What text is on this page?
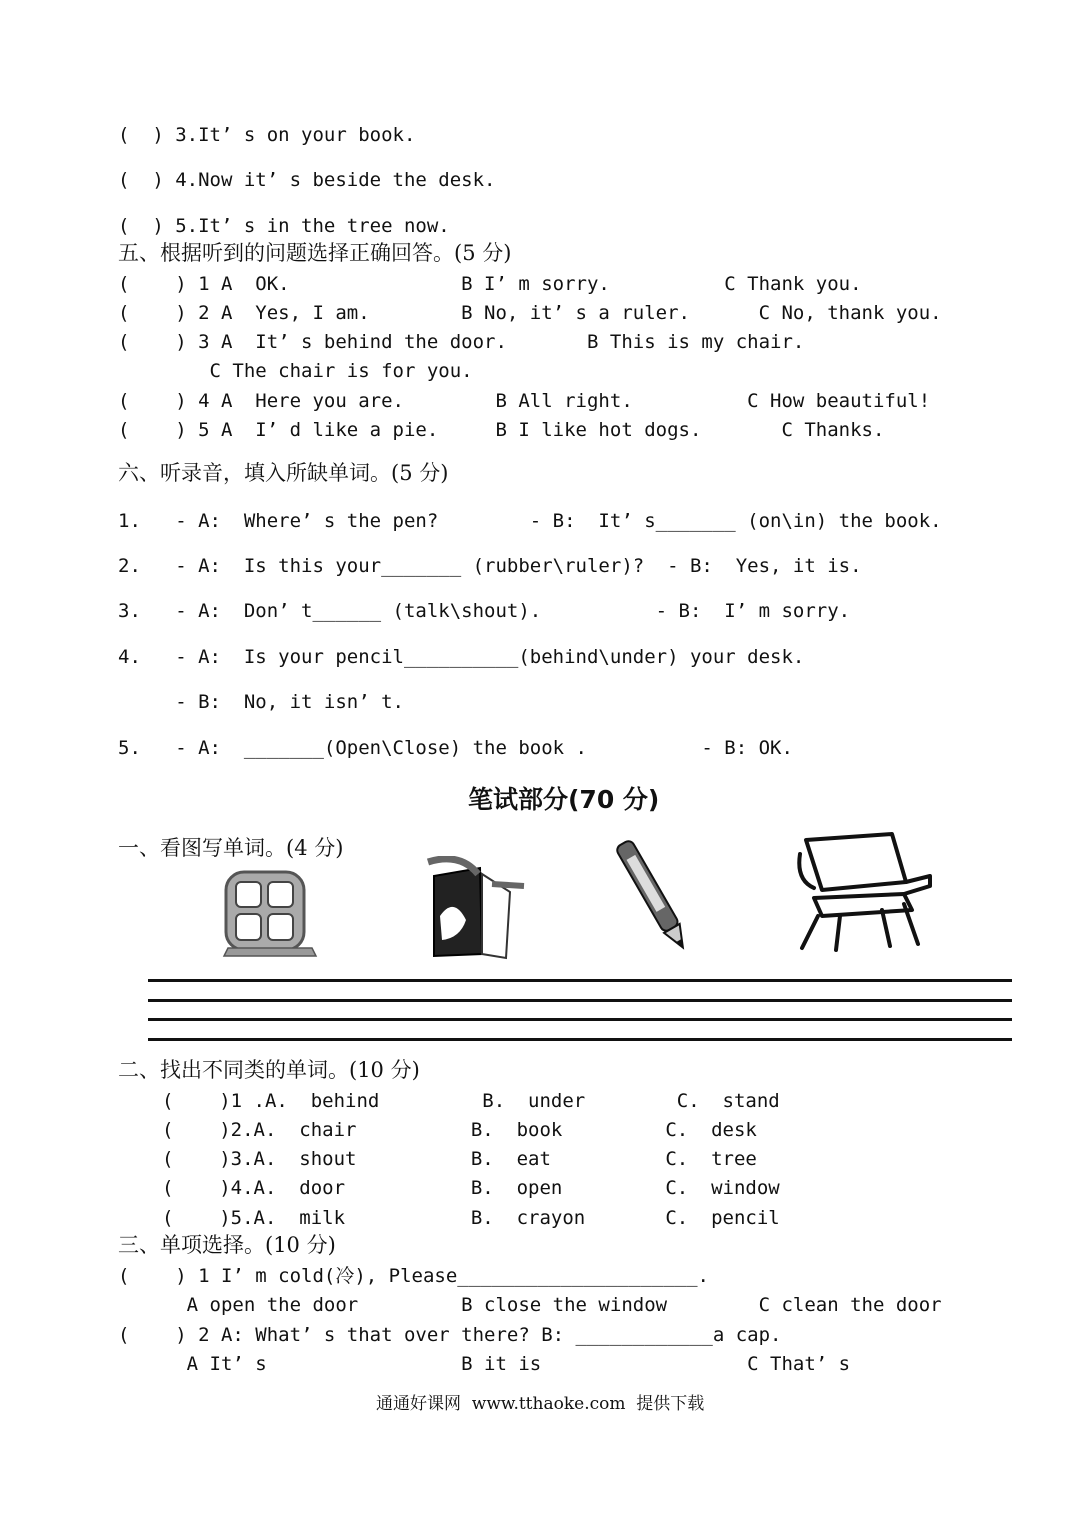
(  ) 3.It’ s on your book.
(  ) 4.Now it’ s beside the desk.
(  ) 5.It’ s in the tree now.
五、根据听到的问题选择正确回答。(5 分)
(    ) 1 A  OK.               B I’ m sorry.          C Thank you.
(    ) 2 A  Yes, I am.        B No, it’ s a ruler.      C No, thank you.
(    ) 3 A  It’ s behind the door.       B This is my chair.
C The chair is for you.
(    ) 4 A  Here you are.        B All right.          C How beautiful!
(    ) 5 A  I’ d like a pie.     B I like hot dogs.       C Thanks.
六、听录音，填入所缺单词。(5 分)
1.   - A:  Where’ s the pen?        - B:  It’ s_______ (on\in) the book.
2.   - A:  Is this your_______ (rubber\ruler)?  - B:  Yes, it is.
3.   - A:  Don’ t______ (talk\shout).          - B:  I’ m sorry.
4.   - A:  Is your pencil__________(behind\under) your desk.
- B:  No, it isn’ t.
5.   - A:  _______(Open\Close) the book .          - B: OK.
笔试部分(70 分)
一、看图写单词。(4 分)
二、找出不同类的单词。(10 分)
(    )1 .A.  behind         B.  under        C.  stand
(    )2.A.  chair          B.  book         C.  desk
(    )3.A.  shout          B.  eat          C.  tree
(    )4.A.  door           B.  open         C.  window
(    )5.A.  milk           B.  crayon       C.  pencil
三、单项选择。(10 分)
(    ) 1 I’ m cold(冷), Please_____________________.
A open the door         B close the window        C clean the door
(    ) 2 A: What’ s that over there? B: ____________a cap.
A It’ s                 B it is                  C That’ s
通通好课网  www.tthaoke.com  提供下载
